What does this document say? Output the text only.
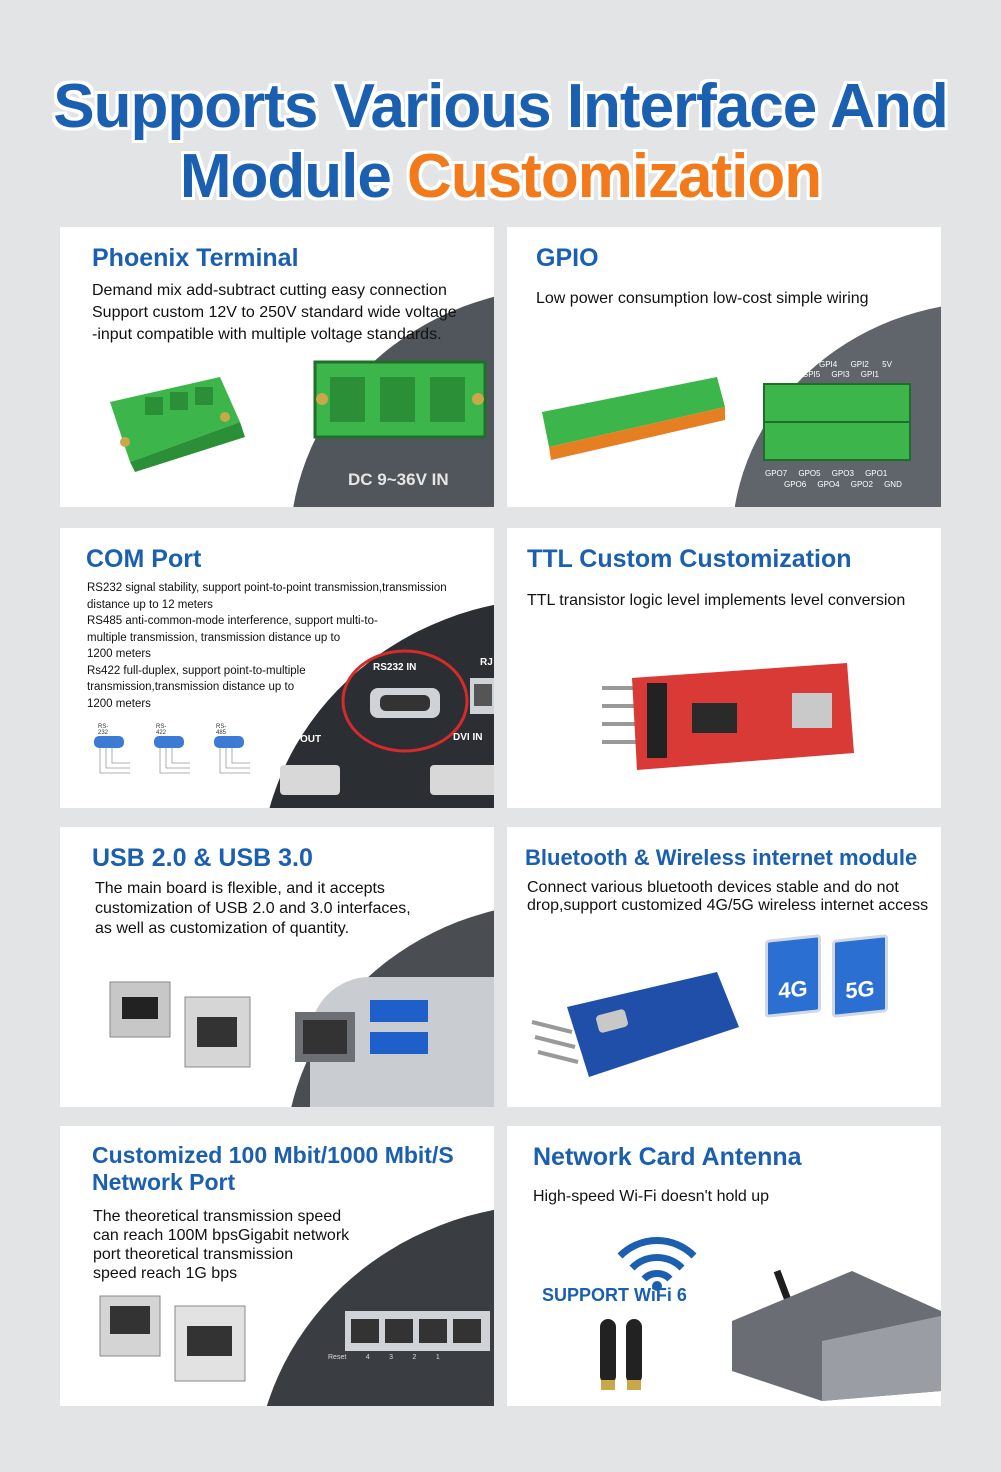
Supports Various Interface And
Module Customization
Phoenix Terminal
Demand mix add-subtract cutting easy connection
Support custom 12V to 250V standard wide voltage
-input compatible with multiple voltage standards.
DC 9~36V IN
GPIO
Low power consumption low-cost simple wiring
GPI4 GPI2 5V
GPI5 GPI3 GPI1
GPO7 GPO5 GPO3 GPO1
GPO6 GPO4 GPO2 GND
COM Port
RS232 signal stability, support point-to-point transmission,transmission
distance up to 12 meters
RS485 anti-common-mode interference, support multi-to-
multiple transmission, transmission distance up to
1200 meters
Rs422 full-duplex, support point-to-multiple
transmission,transmission distance up to
1200 meters
RS-232
RS-422
RS-485
RS232 IN	RJ
OUT	DVI IN
TTL Custom Customization
TTL transistor logic level implements level conversion
USB 2.0 & USB 3.0
The main board is flexible, and it accepts
customization of USB 2.0 and 3.0 interfaces,
as well as customization of quantity.
Bluetooth & Wireless internet module
Connect various bluetooth devices stable and do not
drop,support customized 4G/5G wireless internet access
4G	5G
Customized 100 Mbit/1000 Mbit/S
Network Port
The theoretical transmission speed
can reach 100M bpsGigabit network
port theoretical transmission
speed reach 1G bps
Reset	4	3	2	1
Network Card Antenna
High-speed Wi-Fi doesn't hold up
SUPPORT WiFi 6
